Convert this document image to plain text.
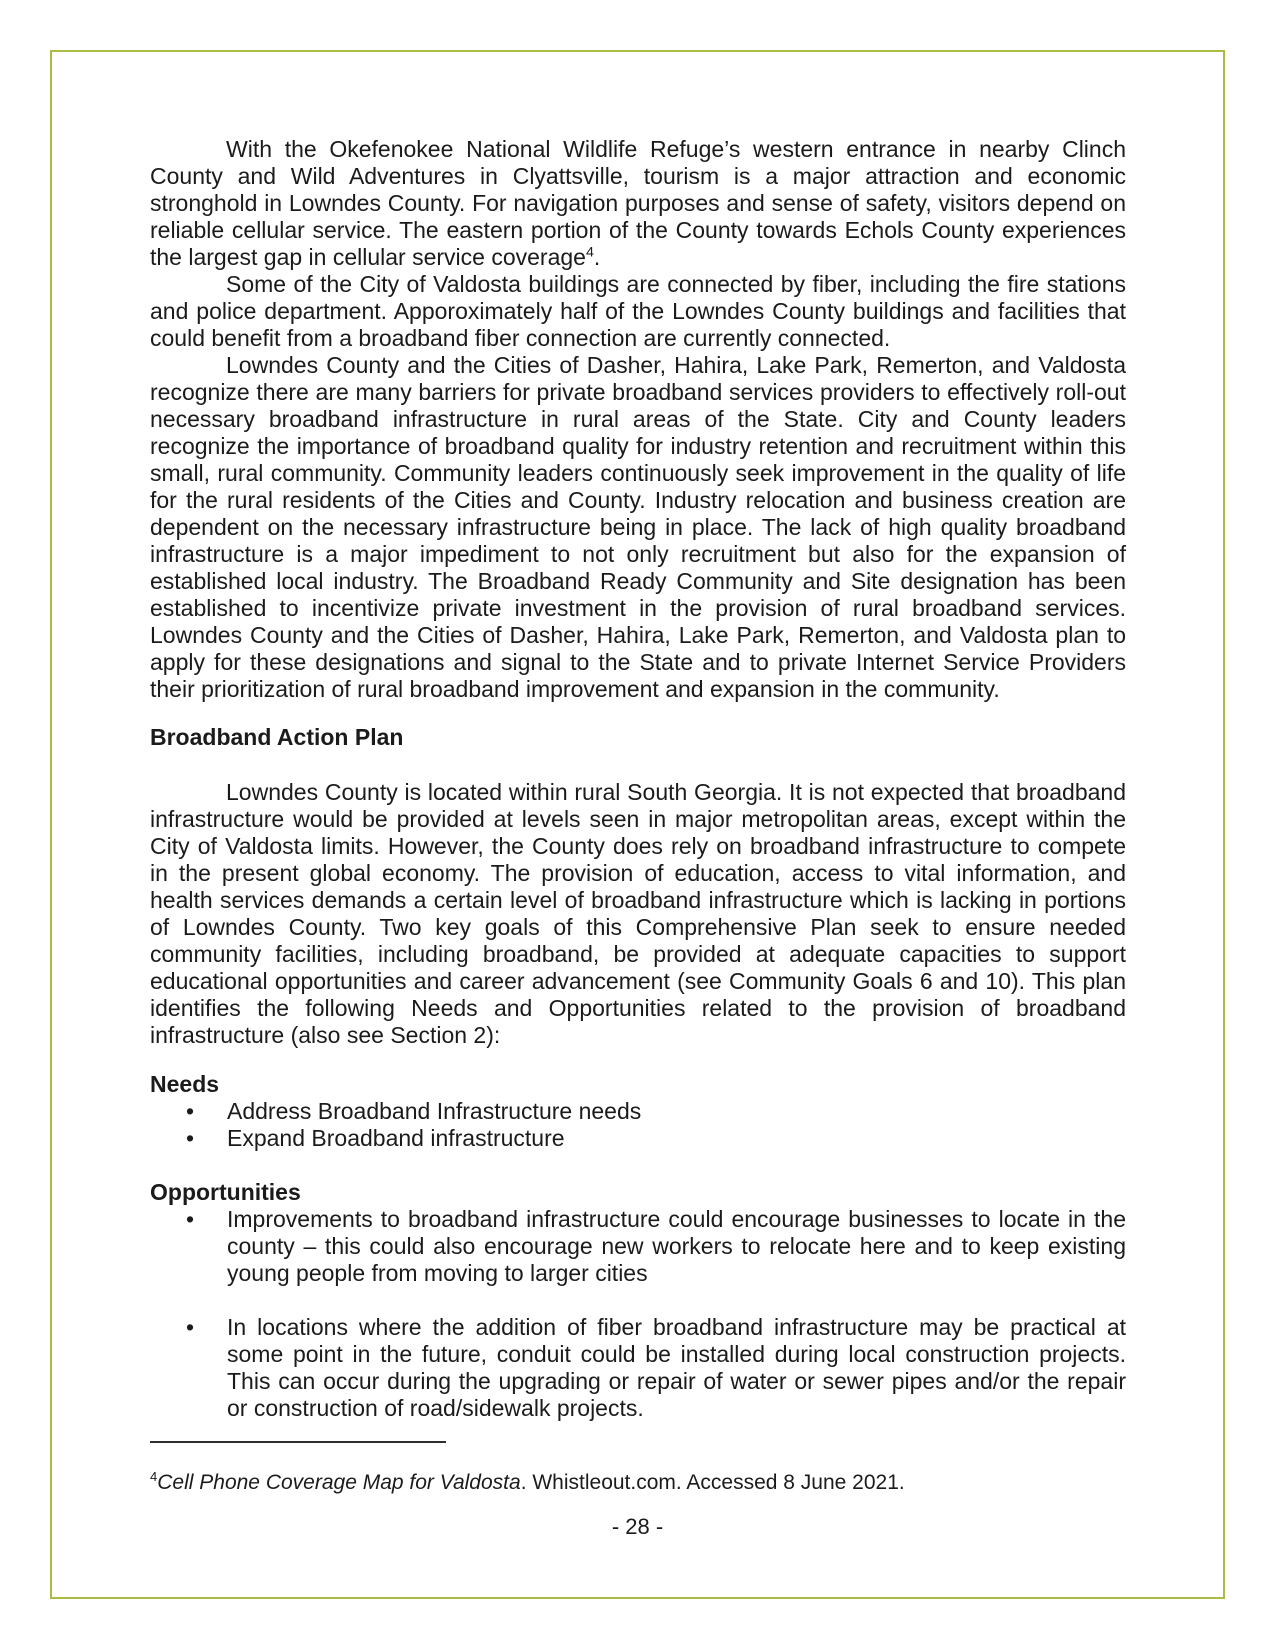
With the Okefenokee National Wildlife Refuge’s western entrance in nearby Clinch County and Wild Adventures in Clyattsville, tourism is a major attraction and economic stronghold in Lowndes County. For navigation purposes and sense of safety, visitors depend on reliable cellular service. The eastern portion of the County towards Echols County experiences the largest gap in cellular service coverage$^4$.

Some of the City of Valdosta buildings are connected by fiber, including the fire stations and police department. Apporoximately half of the Lowndes County buildings and facilities that could benefit from a broadband fiber connection are currently connected.

Lowndes County and the Cities of Dasher, Hahira, Lake Park, Remerton, and Valdosta recognize there are many barriers for private broadband services providers to effectively roll-out necessary broadband infrastructure in rural areas of the State. City and County leaders recognize the importance of broadband quality for industry retention and recruitment within this small, rural community. Community leaders continuously seek improvement in the quality of life for the rural residents of the Cities and County. Industry relocation and business creation are dependent on the necessary infrastructure being in place. The lack of high quality broadband infrastructure is a major impediment to not only recruitment but also for the expansion of established local industry. The Broadband Ready Community and Site designation has been established to incentivize private investment in the provision of rural broadband services. Lowndes County and the Cities of Dasher, Hahira, Lake Park, Remerton, and Valdosta plan to apply for these designations and signal to the State and to private Internet Service Providers their prioritization of rural broadband improvement and expansion in the community.

Broadband Action Plan

Lowndes County is located within rural South Georgia. It is not expected that broadband infrastructure would be provided at levels seen in major metropolitan areas, except within the City of Valdosta limits. However, the County does rely on broadband infrastructure to compete in the present global economy. The provision of education, access to vital information, and health services demands a certain level of broadband infrastructure which is lacking in portions of Lowndes County. Two key goals of this Comprehensive Plan seek to ensure needed community facilities, including broadband, be provided at adequate capacities to support educational opportunities and career advancement (see Community Goals 6 and 10). This plan identifies the following Needs and Opportunities related to the provision of broadband infrastructure (also see Section 2):

Needs
• Address Broadband Infrastructure needs
• Expand Broadband infrastructure
Opportunities
• Improvements to broadband infrastructure could encourage businesses to locate in the county – this could also encourage new workers to relocate here and to keep existing young people from moving to larger cities
• In locations where the addition of fiber broadband infrastructure may be practical at some point in the future, conduit could be installed during local construction projects. This can occur during the upgrading or repair of water or sewer pipes and/or the repair or construction of road/sidewalk projects.
$^4$Cell Phone Coverage Map for Valdosta. Whistleout.com. Accessed 8 June 2021.
- 28 -
